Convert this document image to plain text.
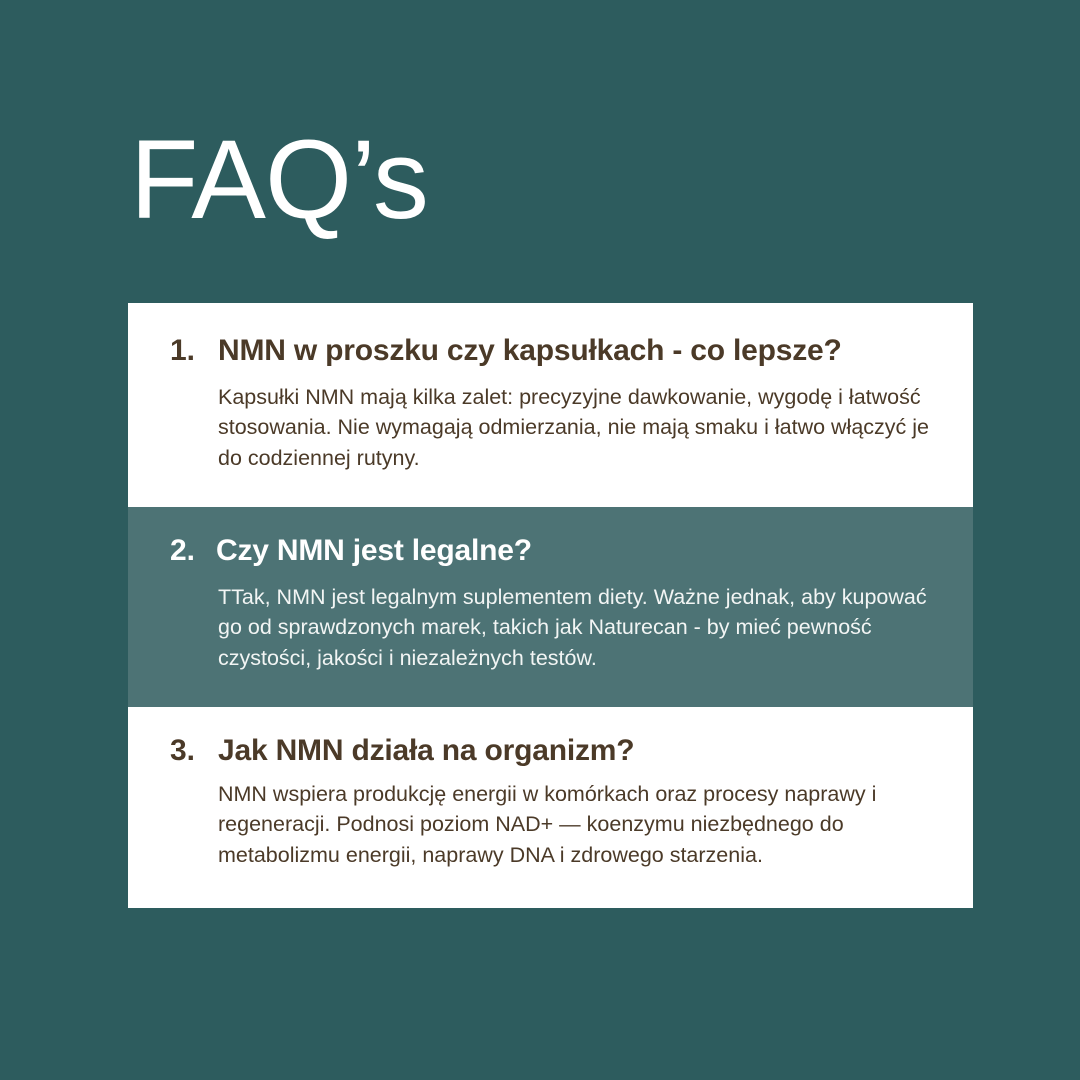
FAQ’s
1. NMN w proszku czy kapsułkach - co lepsze?
Kapsułki NMN mają kilka zalet: precyzyjne dawkowanie, wygodę i łatwość stosowania. Nie wymagają odmierzania, nie mają smaku i łatwo włączyć je do codziennej rutyny.
2. Czy NMN jest legalne?
TTak, NMN jest legalnym suplementem diety. Ważne jednak, aby kupować go od sprawdzonych marek, takich jak Naturecan - by mieć pewność czystości, jakości i niezależnych testów.
3. Jak NMN działa na organizm?
NMN wspiera produkcję energii w komórkach oraz procesy naprawy i regeneracji. Podnosi poziom NAD+ — koenzymu niezbędnego do metabolizmu energii, naprawy DNA i zdrowego starzenia.
